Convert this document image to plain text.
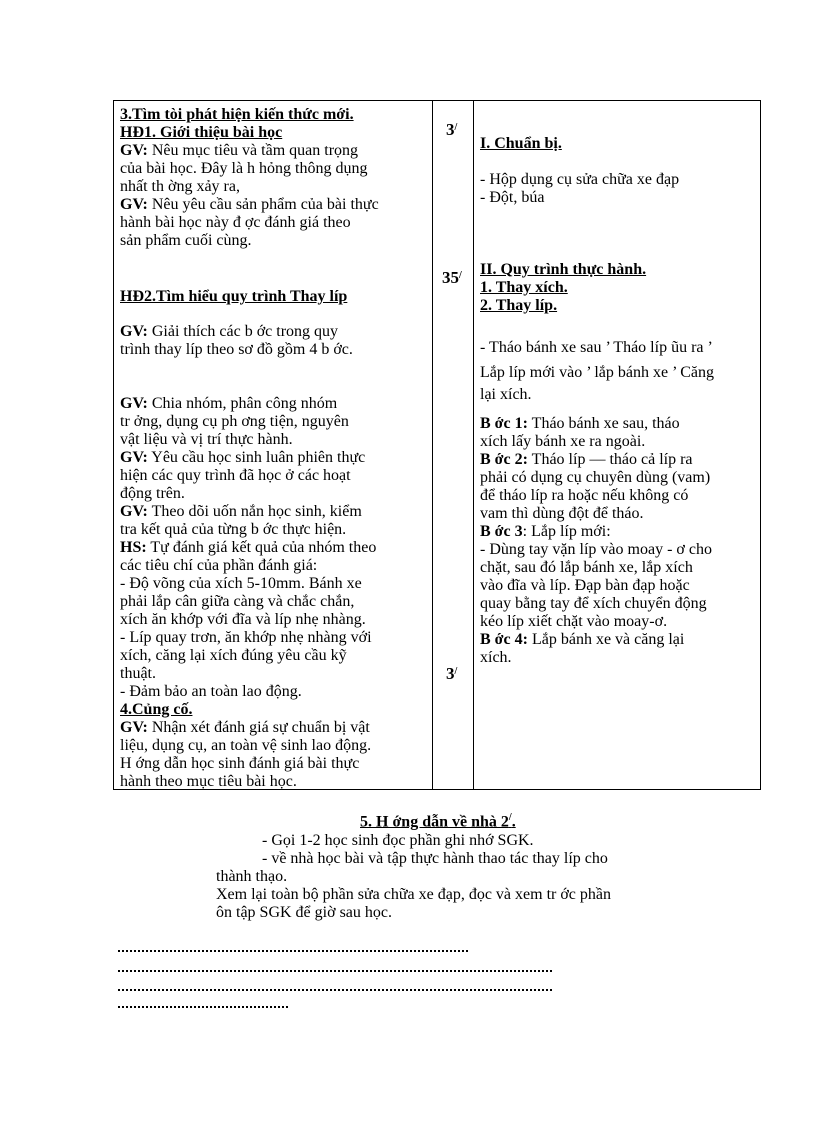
3.Tìm tòi phát hiện kiến thức mới.
HĐ1. Giới thiệu bài học
GV: Nêu mục tiêu và tầm quan trọng
của bài học. Đây là h hỏng thông dụng
nhất th ờng xảy ra,
GV: Nêu yêu cầu sản phẩm của bài thực
hành bài học này đ ợc đánh giá theo
sản phẩm cuối cùng.
HĐ2.Tìm hiểu quy trình Thay líp
GV: Giải thích các b ớc trong quy
trình thay líp theo sơ đồ gồm 4 b ớc.
GV: Chia nhóm, phân công nhóm
tr ởng, dụng cụ ph ơng tiện, nguyên
vật liệu và vị trí thực hành.
GV: Yêu cầu học sinh luân phiên thực
hiện các quy trình đã học ở các hoạt
động trên.
GV: Theo dõi uốn nắn học sinh, kiểm
tra kết quả của từng b ớc thực hiện.
HS: Tự đánh giá kết quả của nhóm theo
các tiêu chí của phần đánh giá:
- Độ võng của xích 5-10mm. Bánh xe
phải lắp cân giữa càng và chắc chắn,
xích ăn khớp với đĩa và líp nhẹ nhàng.
- Líp quay trơn, ăn khớp nhẹ nhàng với
xích, căng lại xích đúng yêu cầu kỹ
thuật.
- Đảm bảo an toàn lao động.
4.Củng cố.
GV: Nhận xét đánh giá sự chuẩn bị vật
liệu, dụng cụ, an toàn vệ sinh lao động.
H ớng dẫn học sinh đánh giá bài thực
hành theo mục tiêu bài học.
3/
35/
3/
I. Chuẩn bị.
- Hộp dụng cụ sửa chữa xe đạp
- Đột, búa
II. Quy trình thực hành.
1. Thay xích.
2. Thay líp.
- Tháo bánh xe sau ’ Tháo líp ũu ra ’
Lắp líp mới vào ’ lắp bánh xe ’ Căng
lại xích.
B ớc 1: Tháo bánh xe sau, tháo
xích lấy bánh xe ra ngoài.
B ớc 2: Tháo líp — tháo cả líp ra
phải có dụng cụ chuyên dùng (vam)
để tháo líp ra hoặc nếu không có
vam thì dùng đột để tháo.
B ớc 3: Lắp líp mới:
- Dùng tay vặn líp vào moay - ơ cho
chặt, sau đó lắp bánh xe, lắp xích
vào đĩa và líp. Đạp bàn đạp hoặc
quay bằng tay để xích chuyển động
kéo líp xiết chặt vào moay-ơ.
B ớc 4: Lắp bánh xe và căng lại
xích.
5. H ớng dẫn về nhà 2/.
- Gọi 1-2 học sinh đọc phần ghi nhớ SGK.
- về nhà học bài và tập thực hành thao tác thay líp cho
thành thạo.
Xem lại toàn bộ phần sửa chữa xe đạp, đọc và xem tr ớc phần
ôn tập SGK để giờ sau học.
